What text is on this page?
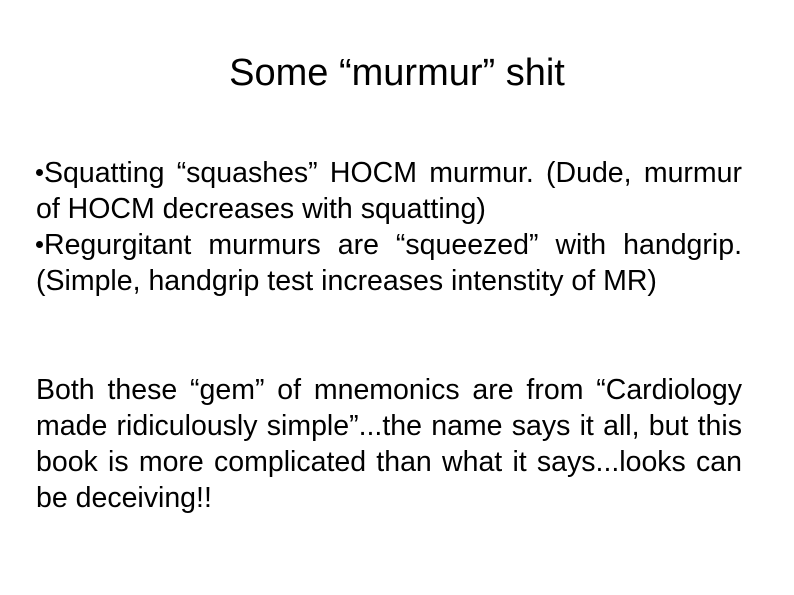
Some “murmur” shit

Squatting “squashes” HOCM murmur. (Dude, murmur of HOCM decreases with squatting)

Regurgitant murmurs are “squeezed” with handgrip. (Simple, handgrip test increases intenstity of MR)

Both these “gem” of mnemonics are from “Cardiology made ridiculously simple”...the name says it all, but this book is more complicated than what it says...looks can be deceiving!!
